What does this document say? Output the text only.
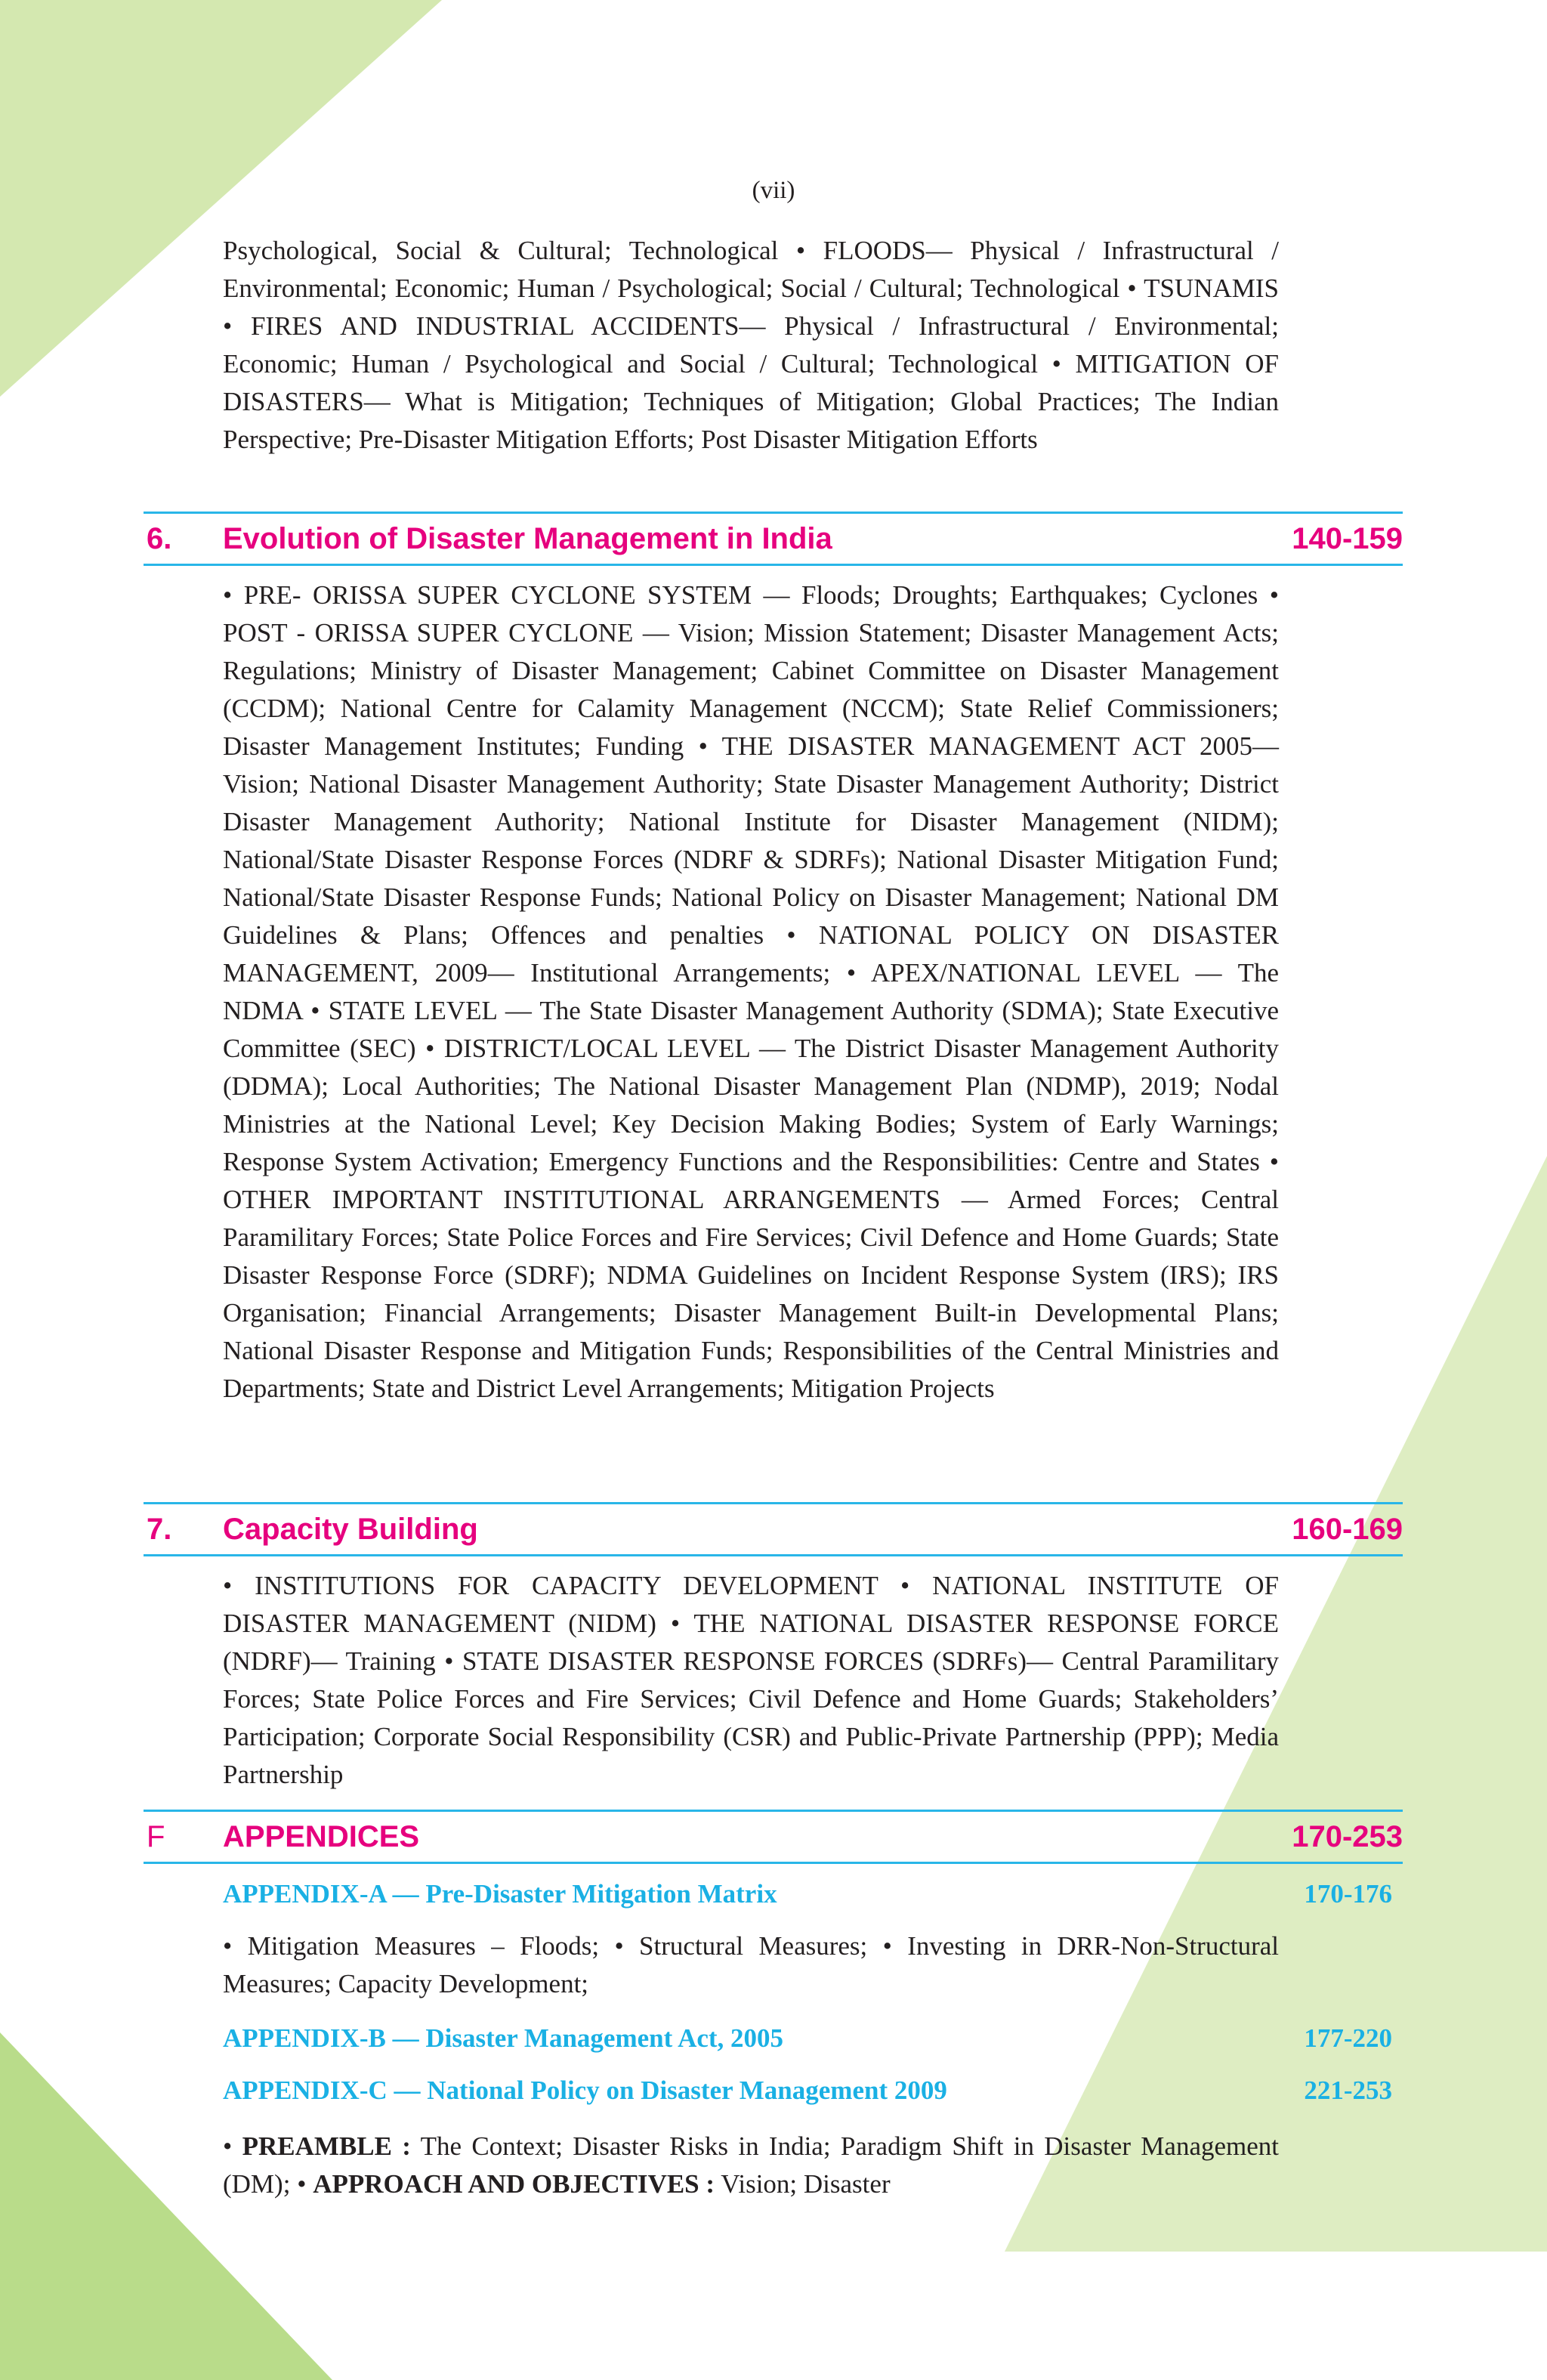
(vii)
Psychological, Social & Cultural; Technological • FLOODS— Physical / Infrastructural / Environmental; Economic; Human / Psychological; Social / Cultural; Technological • TSUNAMIS • FIRES AND INDUSTRIAL ACCIDENTS— Physical / Infrastructural / Environmental; Economic; Human / Psychological and Social / Cultural; Technological • MITIGATION OF DISASTERS— What is Mitigation; Techniques of Mitigation; Global Practices; The Indian Perspective; Pre-Disaster Mitigation Efforts; Post Disaster Mitigation Efforts
6. Evolution of Disaster Management in India	140-159
• PRE- ORISSA SUPER CYCLONE SYSTEM — Floods; Droughts; Earthquakes; Cyclones • POST - ORISSA SUPER CYCLONE — Vision; Mission Statement; Disaster Management Acts; Regulations; Ministry of Disaster Management; Cabinet Committee on Disaster Management (CCDM); National Centre for Calamity Management (NCCM); State Relief Commissioners; Disaster Management Institutes; Funding • THE DISASTER MANAGEMENT ACT 2005— Vision; National Disaster Management Authority; State Disaster Management Authority; District Disaster Management Authority; National Institute for Disaster Management (NIDM); National/State Disaster Response Forces (NDRF & SDRFs); National Disaster Mitigation Fund; National/State Disaster Response Funds; National Policy on Disaster Management; National DM Guidelines & Plans; Offences and penalties • NATIONAL POLICY ON DISASTER MANAGEMENT, 2009— Institutional Arrangements; • APEX/NATIONAL LEVEL — The NDMA • STATE LEVEL — The State Disaster Management Authority (SDMA); State Executive Committee (SEC) • DISTRICT/LOCAL LEVEL — The District Disaster Management Authority (DDMA); Local Authorities; The National Disaster Management Plan (NDMP), 2019; Nodal Ministries at the National Level; Key Decision Making Bodies; System of Early Warnings; Response System Activation; Emergency Functions and the Responsibilities: Centre and States • OTHER IMPORTANT INSTITUTIONAL ARRANGEMENTS — Armed Forces; Central Paramilitary Forces; State Police Forces and Fire Services; Civil Defence and Home Guards; State Disaster Response Force (SDRF); NDMA Guidelines on Incident Response System (IRS); IRS Organisation; Financial Arrangements; Disaster Management Built-in Developmental Plans; National Disaster Response and Mitigation Funds; Responsibilities of the Central Ministries and Departments; State and District Level Arrangements; Mitigation Projects
7. Capacity Building	160-169
• INSTITUTIONS FOR CAPACITY DEVELOPMENT • NATIONAL INSTITUTE OF DISASTER MANAGEMENT (NIDM) • THE NATIONAL DISASTER RESPONSE FORCE (NDRF)— Training • STATE DISASTER RESPONSE FORCES (SDRFs)— Central Paramilitary Forces; State Police Forces and Fire Services; Civil Defence and Home Guards; Stakeholders’ Participation; Corporate Social Responsibility (CSR) and Public-Private Partnership (PPP); Media Partnership
F APPENDICES	170-253
APPENDIX-A — Pre-Disaster Mitigation Matrix	170-176
• Mitigation Measures – Floods; • Structural Measures; • Investing in DRR-Non-Structural Measures; Capacity Development;
APPENDIX-B — Disaster Management Act, 2005	177-220
APPENDIX-C — National Policy on Disaster Management 2009	221-253
• PREAMBLE : The Context; Disaster Risks in India; Paradigm Shift in Disaster Management (DM); • APPROACH AND OBJECTIVES : Vision; Disaster
